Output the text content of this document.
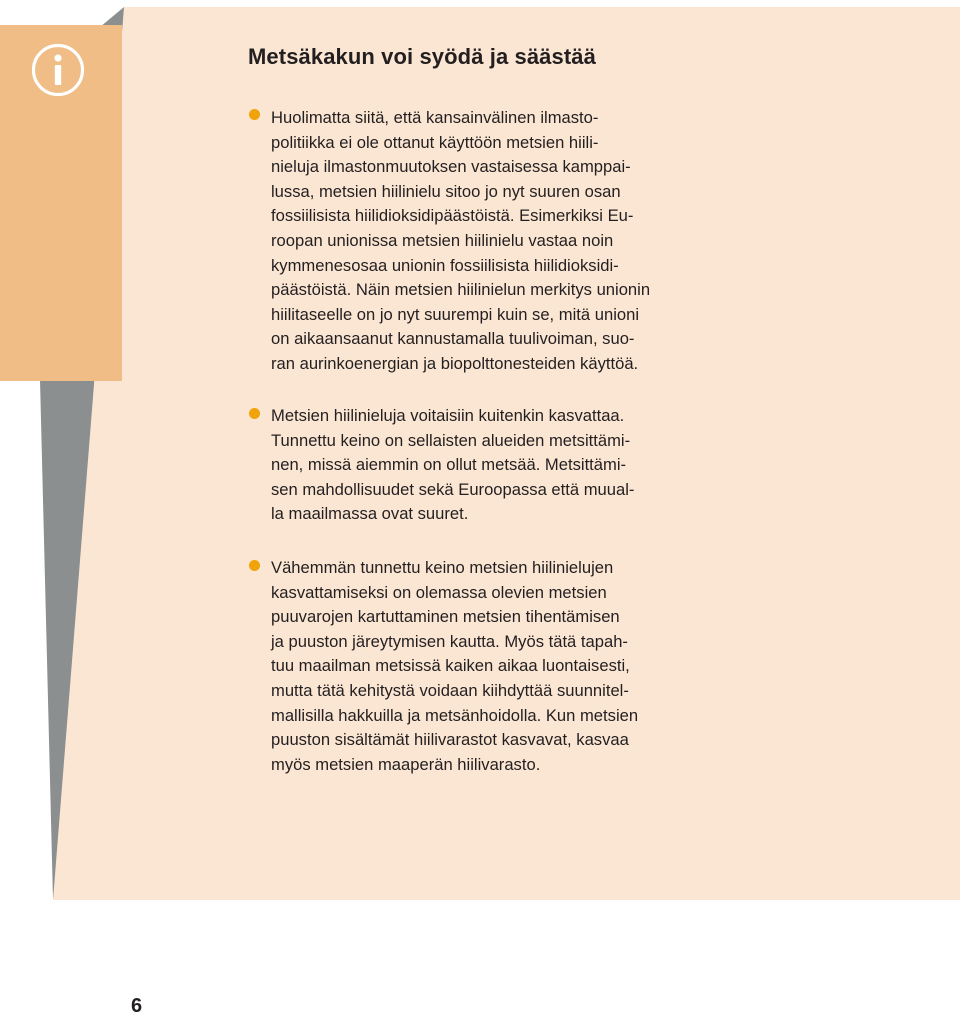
Metsäkakun voi syödä ja säästää

Huolimatta siitä, että kansainvälinen ilmasto-
politiikka ei ole ottanut käyttöön metsien hiili-
nieluja ilmastonmuutoksen vastaisessa kamppai-
lussa, metsien hiilinielu sitoo jo nyt suuren osan
fossiilisista hiilidioksidipäästöistä. Esimerkiksi Eu-
roopan unionissa metsien hiilinielu vastaa noin
kymmenesosaa unionin fossiilisista hiilidioksidi-
päästöistä. Näin metsien hiilinielun merkitys unionin
hiilitaseelle on jo nyt suurempi kuin se, mitä unioni
on aikaansaanut kannustamalla tuulivoiman, suo-
ran aurinkoenergian ja biopolttonesteiden käyttöä.

Metsien hiilinieluja voitaisiin kuitenkin kasvattaa.
Tunnettu keino on sellaisten alueiden metsittämi-
nen, missä aiemmin on ollut metsää. Metsittämi-
sen mahdollisuudet sekä Euroopassa että muual-
la maailmassa ovat suuret.

Vähemmän tunnettu keino metsien hiilinielujen
kasvattamiseksi on olemassa olevien metsien
puuvarojen kartuttaminen metsien tihentämisen
ja puuston järeytymisen kautta. Myös tätä tapah-
tuu maailman metsissä kaiken aikaa luontaisesti,
mutta tätä kehitystä voidaan kiihdyttää suunnitel-
mallisilla hakkuilla ja metsänhoidolla. Kun metsien
puuston sisältämät hiilivarastot kasvavat, kasvaa
myös metsien maaperän hiilivarasto.

6
